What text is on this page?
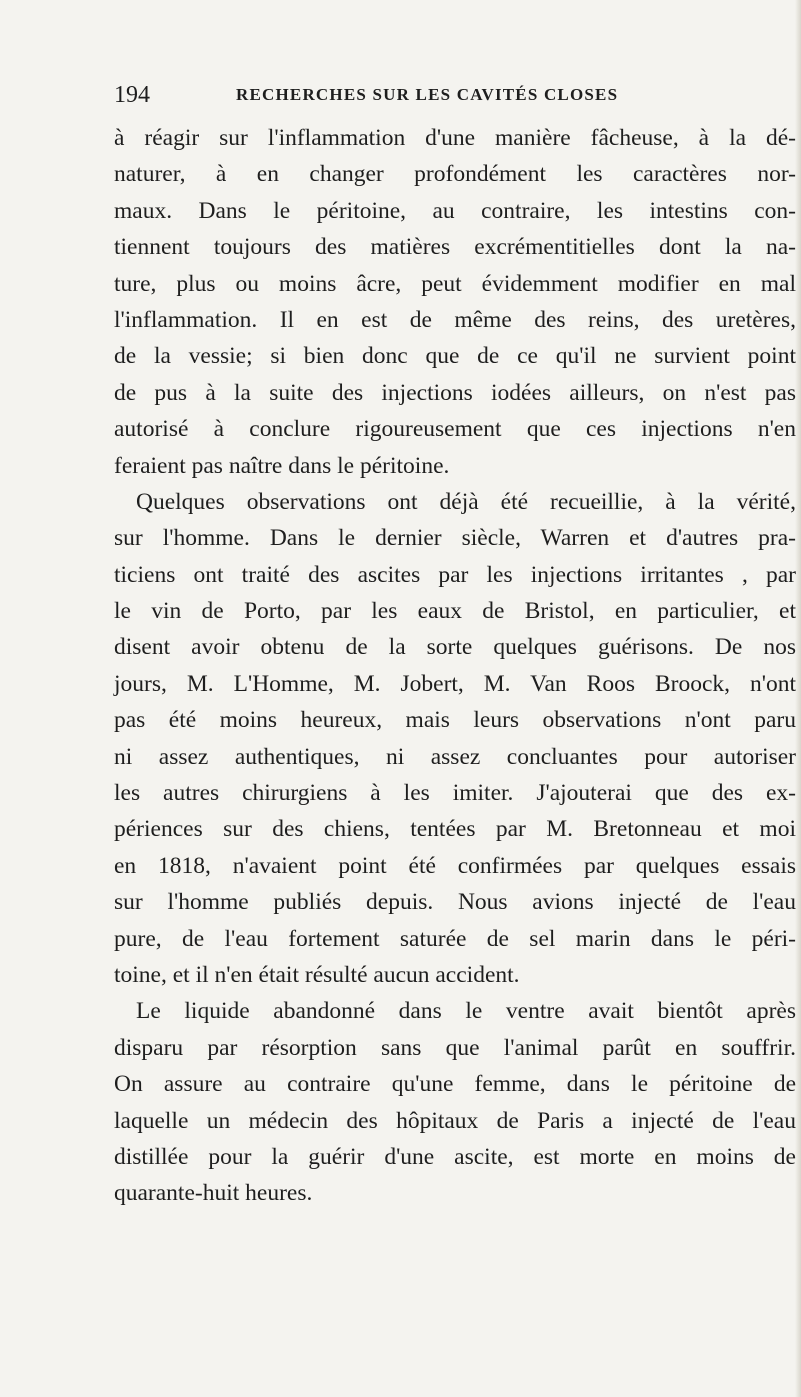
194	RECHERCHES SUR LES CAVITÉS CLOSES
à réagir sur l'inflammation d'une manière fâcheuse, à la dé-
naturer, à en changer profondément les caractères nor-
maux. Dans le péritoine, au contraire, les intestins con-
tiennent toujours des matières excrémentitielles dont la na-
ture, plus ou moins âcre, peut évidemment modifier en mal
l'inflammation. Il en est de même des reins, des uretères,
de la vessie; si bien donc que de ce qu'il ne survient point
de pus à la suite des injections iodées ailleurs, on n'est pas
autorisé à conclure rigoureusement que ces injections n'en
feraient pas naître dans le péritoine.
Quelques observations ont déjà été recueillie, à la vérité,
sur l'homme. Dans le dernier siècle, Warren et d'autres pra-
ticiens ont traité des ascites par les injections irritantes , par
le vin de Porto, par les eaux de Bristol, en particulier, et
disent avoir obtenu de la sorte quelques guérisons. De nos
jours, M. L'Homme, M. Jobert, M. Van Roos Broock, n'ont
pas été moins heureux, mais leurs observations n'ont paru
ni assez authentiques, ni assez concluantes pour autoriser
les autres chirurgiens à les imiter. J'ajouterai que des ex-
périences sur des chiens, tentées par M. Bretonneau et moi
en 1818, n'avaient point été confirmées par quelques essais
sur l'homme publiés depuis. Nous avions injecté de l'eau
pure, de l'eau fortement saturée de sel marin dans le péri-
toine, et il n'en était résulté aucun accident.
Le liquide abandonné dans le ventre avait bientôt après
disparu par résorption sans que l'animal parût en souffrir.
On assure au contraire qu'une femme, dans le péritoine de
laquelle un médecin des hôpitaux de Paris a injecté de l'eau
distillée pour la guérir d'une ascite, est morte en moins de
quarante-huit heures.
